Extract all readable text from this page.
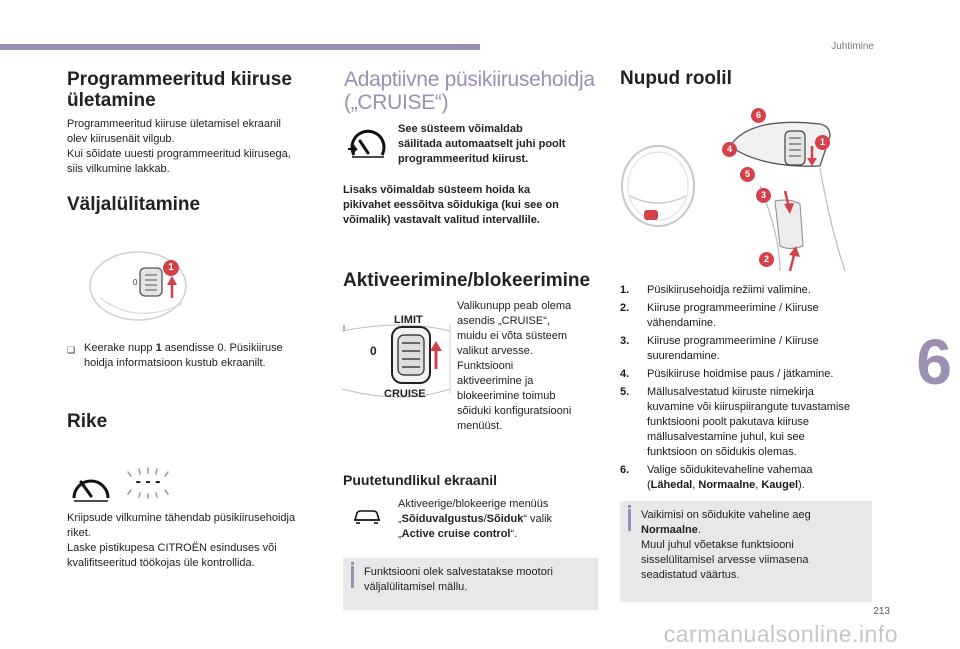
Juhtimine
6
213
carmanualsonline.info
Programmeeritud kiiruse
ületamine
Programmeeritud kiiruse ületamisel ekraanil
olev kiirusenäit vilgub.
Kui sõidate uuesti programmeeritud kiirusega,
siis vilkumine lakkab.
Väljalülitamine
0
1
❏ Keerake nupp 1 asendisse 0. Püsikiiruse
hoidja informatsioon kustub ekraanilt.
Rike
- - -
Kriipsude vilkumine tähendab püsikiirusehoidja
riket.
Laske pistikupesa CITROËN esinduses või
kvalifitseeritud töökojas üle kontrollida.
Adaptiivne püsikiirusehoidja
(„CRUISE“)
See süsteem võimaldab
säilitada automaatselt juhi poolt
programmeeritud kiirust.
Lisaks võimaldab süsteem hoida ka
pikivahet eessõitva sõidukiga (kui see on
võimalik) vastavalt valitud intervallile.
Aktiveerimine/blokeerimine
LIMIT
0
CRUISE
Valikunupp peab olema
asendis „CRUISE“,
muidu ei võta süsteem
valikut arvesse.
Funktsiooni
aktiveerimine ja
blokeerimine toimub
sõiduki konfiguratsiooni
menüüst.
Puutetundlikul ekraanil
Aktiveerige/blokeerige menüüs
„Sõiduvalgustus/Sõiduk“ valik
„Active cruise control“.
Funktsiooni olek salvestatakse mootori
väljalülitamisel mällu.
Nupud roolil
6
4
1
5
3
2
1. Püsikiirusehoidja režiimi valimine.
2. Kiiruse programmeerimine / Kiiruse
vähendamine.
3. Kiiruse programmeerimine / Kiiruse
suurendamine.
4. Püsikiiruse hoidmise paus / jätkamine.
5. Mällusalvestatud kiiruste nimekirja
kuvamine või kiiruspiirangute tuvastamise
funktsiooni poolt pakutava kiiruse
mällusalvestamine juhul, kui see
funktsioon on sõidukis olemas.
6. Valige sõidukitevaheline vahemaa
(Lähedal, Normaalne, Kaugel).
Vaikimisi on sõidukite vaheline aeg
Normaalne.
Muul juhul võetakse funktsiooni
sisselülitamisel arvesse viimasena
seadistatud väärtus.
